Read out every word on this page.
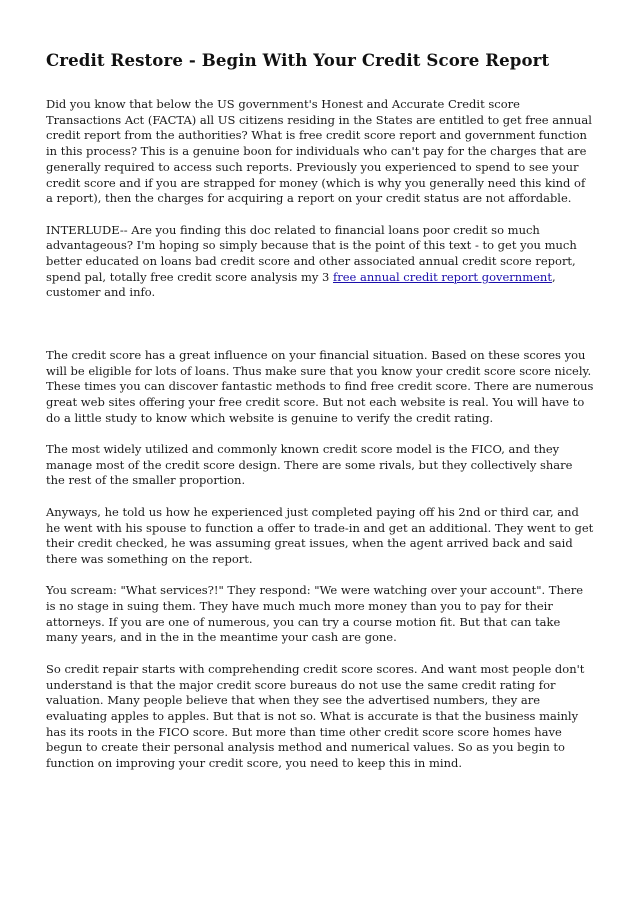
Credit Restore - Begin With Your Credit Score Report

Did you know that below the US government's Honest and Accurate Credit score Transactions Act (FACTA) all US citizens residing in the States are entitled to get free annual credit report from the authorities? What is free credit score report and government function in this process? This is a genuine boon for individuals who can't pay for the charges that are generally required to access such reports. Previously you experienced to spend to see your credit score and if you are strapped for money (which is why you generally need this kind of a report), then the charges for acquiring a report on your credit status are not affordable.

INTERLUDE-- Are you finding this doc related to financial loans poor credit so much advantageous? I'm hoping so simply because that is the point of this text - to get you much better educated on loans bad credit score and other associated annual credit score report, spend pal, totally free credit score analysis my 3 free annual credit report government, customer and info.

The credit score has a great influence on your financial situation. Based on these scores you will be eligible for lots of loans. Thus make sure that you know your credit score score nicely. These times you can discover fantastic methods to find free credit score. There are numerous great web sites offering your free credit score. But not each website is real. You will have to do a little study to know which website is genuine to verify the credit rating.

The most widely utilized and commonly known credit score model is the FICO, and they manage most of the credit score design. There are some rivals, but they collectively share the rest of the smaller proportion.

Anyways, he told us how he experienced just completed paying off his 2nd or third car, and he went with his spouse to function a offer to trade-in and get an additional. They went to get their credit checked, he was assuming great issues, when the agent arrived back and said there was something on the report.

You scream: "What services?!" They respond: "We were watching over your account". There is no stage in suing them. They have much much more money than you to pay for their attorneys. If you are one of numerous, you can try a course motion fit. But that can take many years, and in the in the meantime your cash are gone.

So credit repair starts with comprehending credit score scores. And want most people don't understand is that the major credit score bureaus do not use the same credit rating for valuation. Many people believe that when they see the advertised numbers, they are evaluating apples to apples. But that is not so. What is accurate is that the business mainly has its roots in the FICO score. But more than time other credit score score homes have begun to create their personal analysis method and numerical values. So as you begin to function on improving your credit score, you need to keep this in mind.
